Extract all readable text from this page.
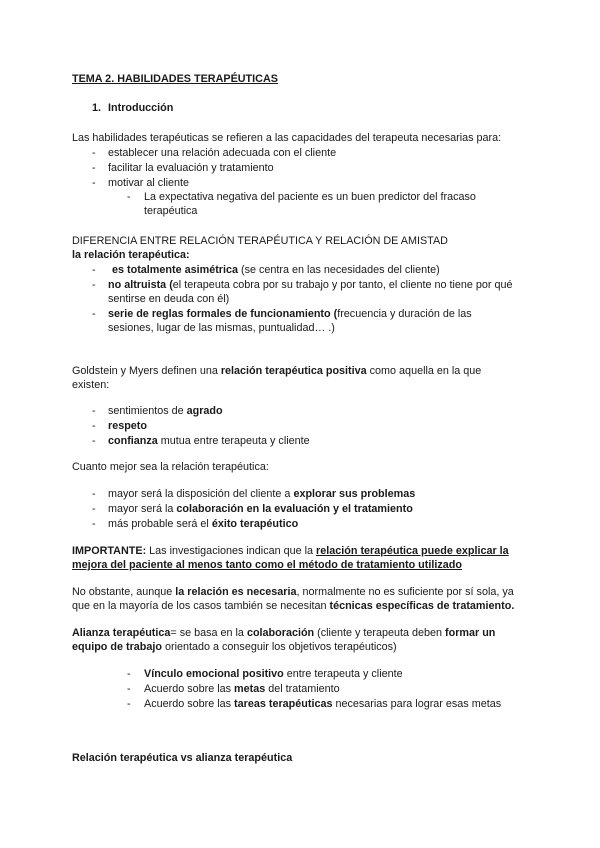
TEMA 2. HABILIDADES TERAPÉUTICAS
1. Introducción
Las habilidades terapéuticas se refieren a las capacidades del terapeuta necesarias para:
- establecer una relación adecuada con el cliente
- facilitar la evaluación y tratamiento
- motivar al cliente
- La expectativa negativa del paciente es un buen predictor del fracaso
terapéutica
DIFERENCIA ENTRE RELACIÓN TERAPÉUTICA Y RELACIÓN DE AMISTAD
la relación terapéutica:
- es totalmente asimétrica (se centra en las necesidades del cliente)
- no altruista (el terapeuta cobra por su trabajo y por tanto, el cliente no tiene por qué
sentirse en deuda con él)
- serie de reglas formales de funcionamiento (frecuencia y duración de las
sesiones, lugar de las mismas, puntualidad… .)
Goldstein y Myers definen una relación terapéutica positiva como aquella en la que
existen:
- sentimientos de agrado
- respeto
- confianza mutua entre terapeuta y cliente
Cuanto mejor sea la relación terapéutica:
- mayor será la disposición del cliente a explorar sus problemas
- mayor será la colaboración en la evaluación y el tratamiento
- más probable será el éxito terapéutico
IMPORTANTE: Las investigaciones indican que la relación terapéutica puede explicar la
mejora del paciente al menos tanto como el método de tratamiento utilizado
No obstante, aunque la relación es necesaria, normalmente no es suficiente por sí sola, ya
que en la mayoría de los casos también se necesitan técnicas específicas de tratamiento.
Alianza terapéutica= se basa en la colaboración (cliente y terapeuta deben formar un
equipo de trabajo orientado a conseguir los objetivos terapéuticos)
- Vínculo emocional positivo entre terapeuta y cliente
- Acuerdo sobre las metas del tratamiento
- Acuerdo sobre las tareas terapéuticas necesarias para lograr esas metas
Relación terapéutica vs alianza terapéutica
